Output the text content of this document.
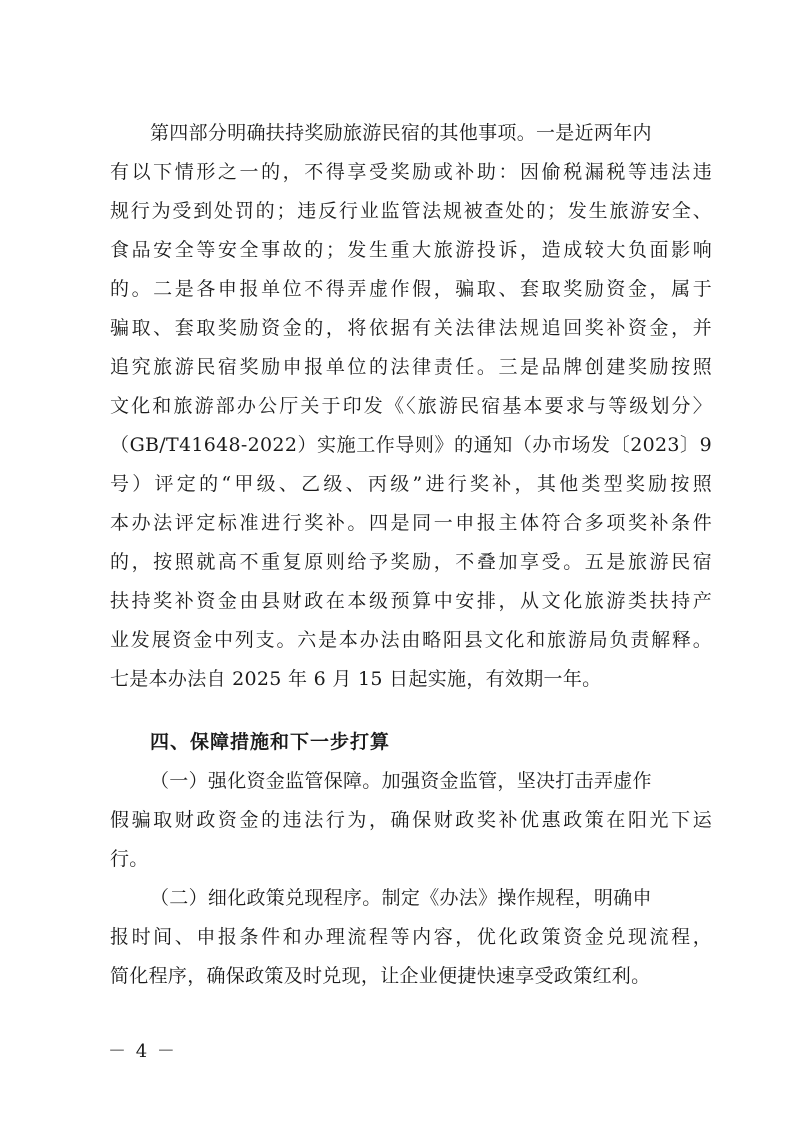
第四部分明确扶持奖励旅游民宿的其他事项。一是近两年内
有以下情形之一的，不得享受奖励或补助：因偷税漏税等违法违
规行为受到处罚的；违反行业监管法规被查处的；发生旅游安全、
食品安全等安全事故的；发生重大旅游投诉，造成较大负面影响
的。二是各申报单位不得弄虚作假，骗取、套取奖励资金，属于
骗取、套取奖励资金的，将依据有关法律法规追回奖补资金，并
追究旅游民宿奖励申报单位的法律责任。三是品牌创建奖励按照
文化和旅游部办公厅关于印发《〈旅游民宿基本要求与等级划分〉
（GB/T41648-2022）实施工作导则》的通知（办市场发〔2023〕9
号）评定的“甲级、乙级、丙级”进行奖补，其他类型奖励按照
本办法评定标准进行奖补。四是同一申报主体符合多项奖补条件
的，按照就高不重复原则给予奖励，不叠加享受。五是旅游民宿
扶持奖补资金由县财政在本级预算中安排，从文化旅游类扶持产
业发展资金中列支。六是本办法由略阳县文化和旅游局负责解释。
七是本办法自 2025 年 6 月 15 日起实施，有效期一年。
四、保障措施和下一步打算
（一）强化资金监管保障。加强资金监管，坚决打击弄虚作
假骗取财政资金的违法行为，确保财政奖补优惠政策在阳光下运
行。
（二）细化政策兑现程序。制定《办法》操作规程，明确申
报时间、申报条件和办理流程等内容，优化政策资金兑现流程，
简化程序，确保政策及时兑现，让企业便捷快速享受政策红利。
－ 4 －
